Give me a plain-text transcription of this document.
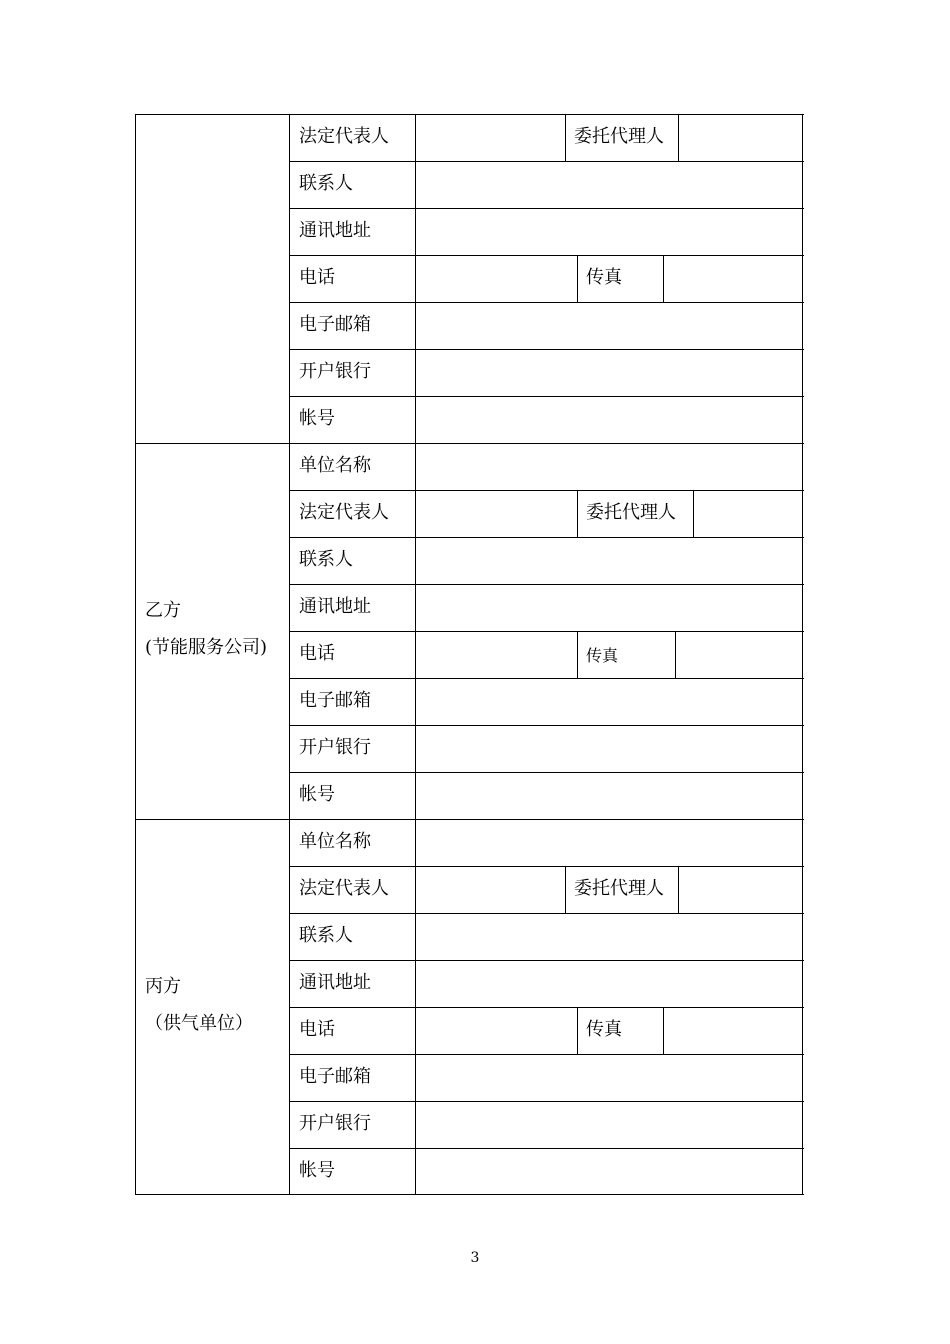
法定代表人	委托代理人
联系人
通讯地址
电话	传真
电子邮箱
开户银行
帐号
乙方
(节能服务公司)
单位名称
法定代表人	委托代理人
联系人
通讯地址
电话	传真
电子邮箱
开户银行
帐号
丙方
（供气单位）
单位名称
法定代表人	委托代理人
联系人
通讯地址
电话	传真
电子邮箱
开户银行
帐号
3
